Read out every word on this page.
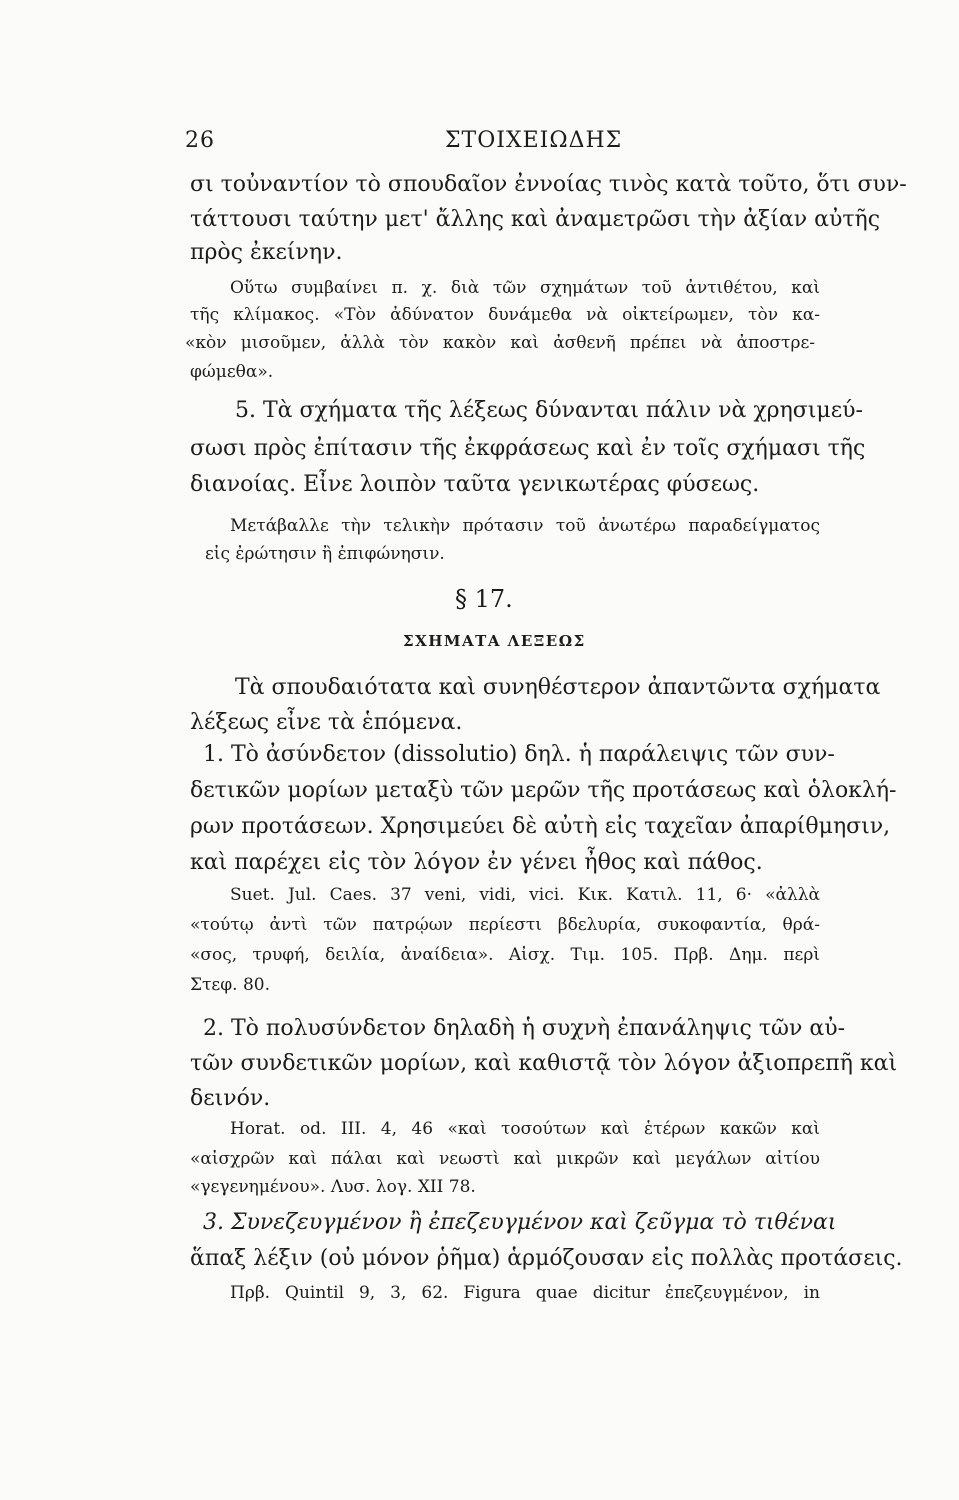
26	ΣΤΟΙΧΕΙΩΔΗΣ
σι τοὐναντίον τὸ σπουδαῖον ἐννοίας τινὸς κατὰ τοῦτο, ὅτι συν-
τάττουσι ταύτην μετ' ἄλλης καὶ ἀναμετρῶσι τὴν ἀξίαν αὐτῆς
πρὸς ἐκείνην.
Οὕτω συμβαίνει π. χ. διὰ τῶν σχημάτων τοῦ ἀντιθέτου, καὶ
τῆς κλίμακος. «Τὸν ἀδύνατον δυνάμεθα νὰ οἰκτείρωμεν, τὸν κα-
«κὸν μισοῦμεν, ἀλλὰ τὸν κακὸν καὶ ἀσθενῆ πρέπει νὰ ἀποστρε-
φώμεθα».
5. Τὰ σχήματα τῆς λέξεως δύνανται πάλιν νὰ χρησιμεύ-
σωσι πρὸς ἐπίτασιν τῆς ἐκφράσεως καὶ ἐν τοῖς σχήμασι τῆς
διανοίας. Εἶνε λοιπὸν ταῦτα γενικωτέρας φύσεως.
Μετάβαλλε τὴν τελικὴν πρότασιν τοῦ ἀνωτέρω παραδείγματος
εἰς ἐρώτησιν ἢ ἐπιφώνησιν.
§ 17.
ΣΧΗΜΑΤΑ ΛΕΞΕΩΣ
Τὰ σπουδαιότατα καὶ συνηθέστερον ἀπαντῶντα σχήματα
λέξεως εἶνε τὰ ἑπόμενα.
1. Τὸ ἀσύνδετον (dissolutio) δηλ. ἡ παράλειψις τῶν συν-
δετικῶν μορίων μεταξὺ τῶν μερῶν τῆς προτάσεως καὶ ὁλοκλή-
ρων προτάσεων. Χρησιμεύει δὲ αὐτὴ εἰς ταχεῖαν ἀπαρίθμησιν,
καὶ παρέχει εἰς τὸν λόγον ἐν γένει ἦθος καὶ πάθος.
Suet. Jul. Caes. 37 veni, vidi, vici. Κικ. Κατιλ. 11, 6· «ἀλλὰ
«τούτῳ ἀντὶ τῶν πατρῴων περίεστι βδελυρία, συκοφαντία, θρά-
«σος, τρυφή, δειλία, ἀναίδεια». Αἰσχ. Τιμ. 105. Πρβ. Δημ. περὶ
Στεφ. 80.
2. Τὸ πολυσύνδετον δηλαδὴ ἡ συχνὴ ἐπανάληψις τῶν αὐ-
τῶν συνδετικῶν μορίων, καὶ καθιστᾷ τὸν λόγον ἀξιοπρεπῆ καὶ
δεινόν.
Horat. od. III. 4, 46 «καὶ τοσούτων καὶ ἑτέρων κακῶν καὶ
«αἰσχρῶν καὶ πάλαι καὶ νεωστὶ καὶ μικρῶν καὶ μεγάλων αἰτίου
«γεγενημένου». Λυσ. λογ. XII 78.
3. Συνεζευγμένον ἢ ἐπεζευγμένον καὶ ζεῦγμα τὸ τιθέναι
ἅπαξ λέξιν (οὐ μόνον ῥῆμα) ἁρμόζουσαν εἰς πολλὰς προτάσεις.
Πρβ. Quintil 9, 3, 62. Figura quae dicitur ἐπεζευγμένον, in
